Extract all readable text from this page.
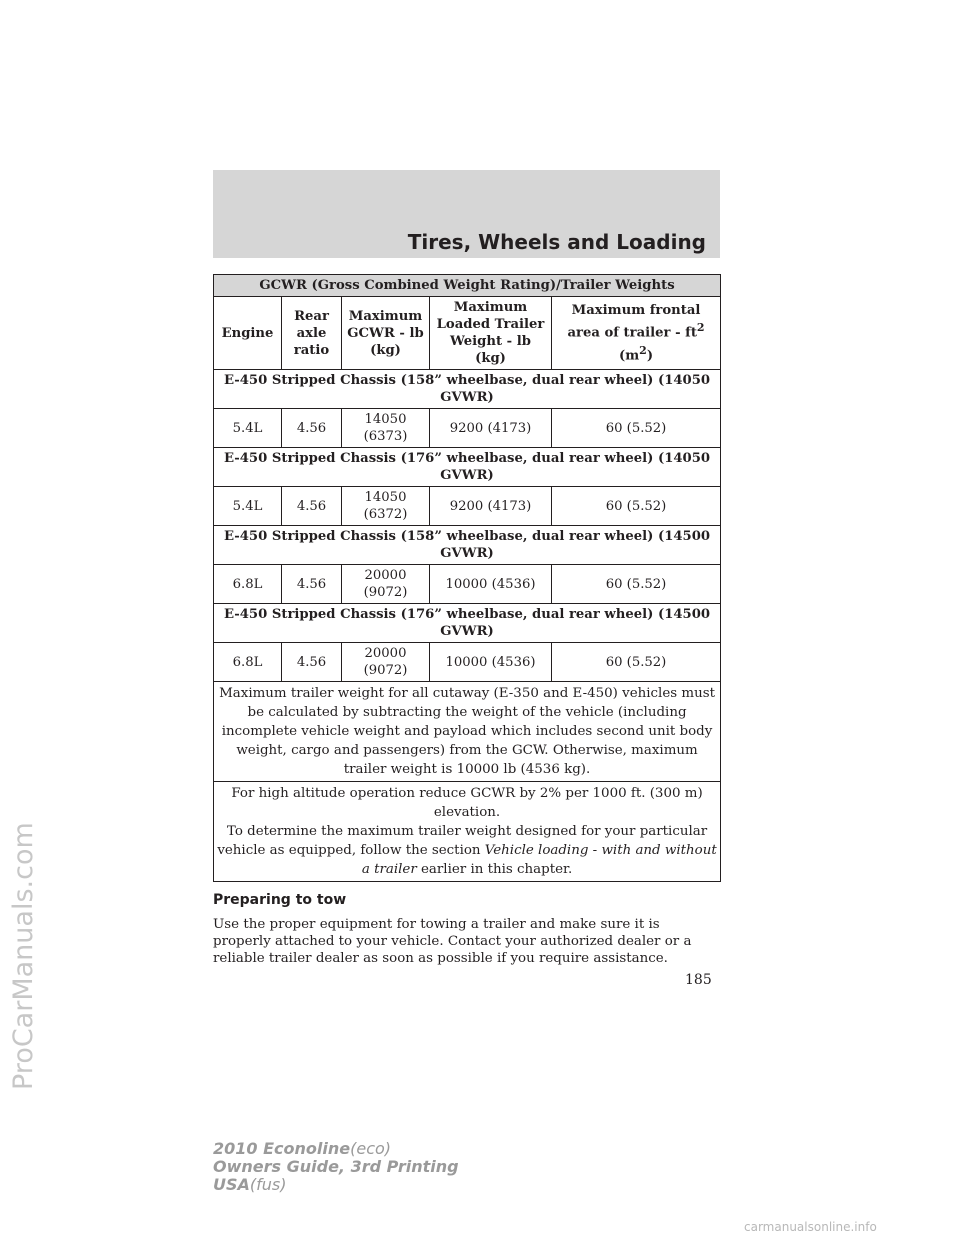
Tires, Wheels and Loading
ProCarManuals.com
GCWR (Gross Combined Weight Rating)/Trailer Weights				
Engine	Rear axle ratio	Maximum GCWR - lb (kg)	Maximum Loaded Trailer Weight - lb (kg)	Maximum frontal area of trailer - $ft^2$
$(m^2)$
E-450 Stripped Chassis (158” wheelbase, dual rear wheel) (14050 GVWR)				
5.4L	4.56	14050 (6373)	9200 (4173)	60 (5.52)
E-450 Stripped Chassis (176” wheelbase, dual rear wheel) (14050 GVWR)				
5.4L	4.56	14050 (6372)	9200 (4173)	60 (5.52)
E-450 Stripped Chassis (158” wheelbase, dual rear wheel) (14500 GVWR)				
6.8L	4.56	20000 (9072)	10000 (4536)	60 (5.52)
E-450 Stripped Chassis (176” wheelbase, dual rear wheel) (14500 GVWR)				
6.8L	4.56	20000 (9072)	10000 (4536)	60 (5.52)
Maximum trailer weight for all cutaway (E-350 and E-450) vehicles must be calculated by subtracting the weight of the vehicle (including incomplete vehicle weight and payload which includes second unit body weight, cargo and passengers) from the GCW. Otherwise, maximum trailer weight is 10000 lb (4536 kg).				
For high altitude operation reduce GCWR by 2% per 1000 ft. (300 m) elevation.
To determine the maximum trailer weight designed for your particular vehicle as equipped, follow the section Vehicle loading - with and without a trailer earlier in this chapter.				
Preparing to tow
Use the proper equipment for towing a trailer and make sure it is properly attached to your vehicle. Contact your authorized dealer or a reliable trailer dealer as soon as possible if you require assistance.
185
2010 Econoline(eco)
Owners Guide, 3rd Printing
USA(fus)
carmanualsonline.info
